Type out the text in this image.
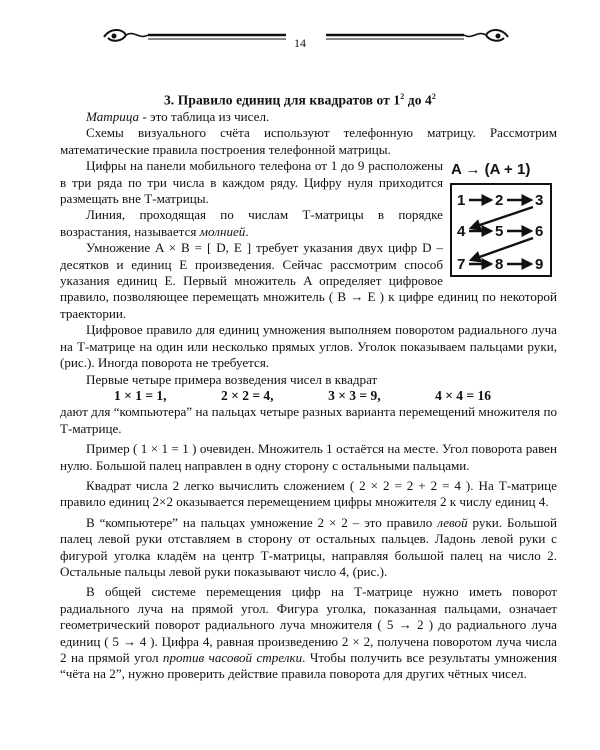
14
3. Правило единиц для квадратов от $1^2$ до $4^2$

Матрица - это таблица из чисел.

Схемы визуального счёта используют телефонную матрицу. Рассмотрим математические правила построения телефонной матрицы.

A → (A + 1)
1 2 3
4 5 6
7 8 9

Цифры на панели мобильного телефона от 1 до 9 расположены в три ряда по три числа в каждом ряду. Цифру нуля приходится размещать вне Т-матрицы.

Линия, проходящая по числам Т-матрицы в порядке возрастания, называется молнией.

Умножение A × B = [ D, E ] требует указания двух цифр D – десятков и единиц E произведения. Сейчас рассмотрим способ указания единиц E. Первый множитель A определяет цифровое правило, позволяющее перемещать множитель ( B → E ) к цифре единиц по некоторой траектории.

Цифровое правило для единиц умножения выполняем поворотом радиального луча на Т-матрице на один или несколько прямых углов. Уголок показываем пальцами руки, (рис.). Иногда поворота не требуется.

Первые четыре примера возведения чисел в квадрат

1 × 1 = 1,	2 × 2 = 4,	3 × 3 = 9,	4 × 4 = 16

дают для “компьютера” на пальцах четыре разных варианта перемещений множителя по Т-матрице.

Пример ( 1 × 1 = 1 ) очевиден. Множитель 1 остаётся на месте. Угол поворота равен нулю. Большой палец направлен в одну сторону с остальными пальцами.

Квадрат числа 2 легко вычислить сложением ( 2 × 2 = 2 + 2 = 4 ). На Т-матрице правило единиц 2×2 оказывается перемещением цифры множителя 2 к числу единиц 4.

В “компьютере” на пальцах умножение 2 × 2 – это правило левой руки. Большой палец левой руки отставляем в сторону от остальных пальцев. Ладонь левой руки с фигурой уголка кладём на центр Т-матрицы, направляя большой палец на число 2. Остальные пальцы левой руки показывают число 4, (рис.).

В общей системе перемещения цифр на Т-матрице нужно иметь поворот радиального луча на прямой угол. Фигура уголка, показанная пальцами, означает геометрический поворот радиального луча множителя ( 5 → 2 ) до радиального луча единиц ( 5 → 4 ). Цифра 4, равная произведению 2 × 2, получена поворотом луча числа 2 на прямой угол против часовой стрелки. Чтобы получить все результаты умножения “чёта на 2”, нужно проверить действие правила поворота для других чётных чисел.
